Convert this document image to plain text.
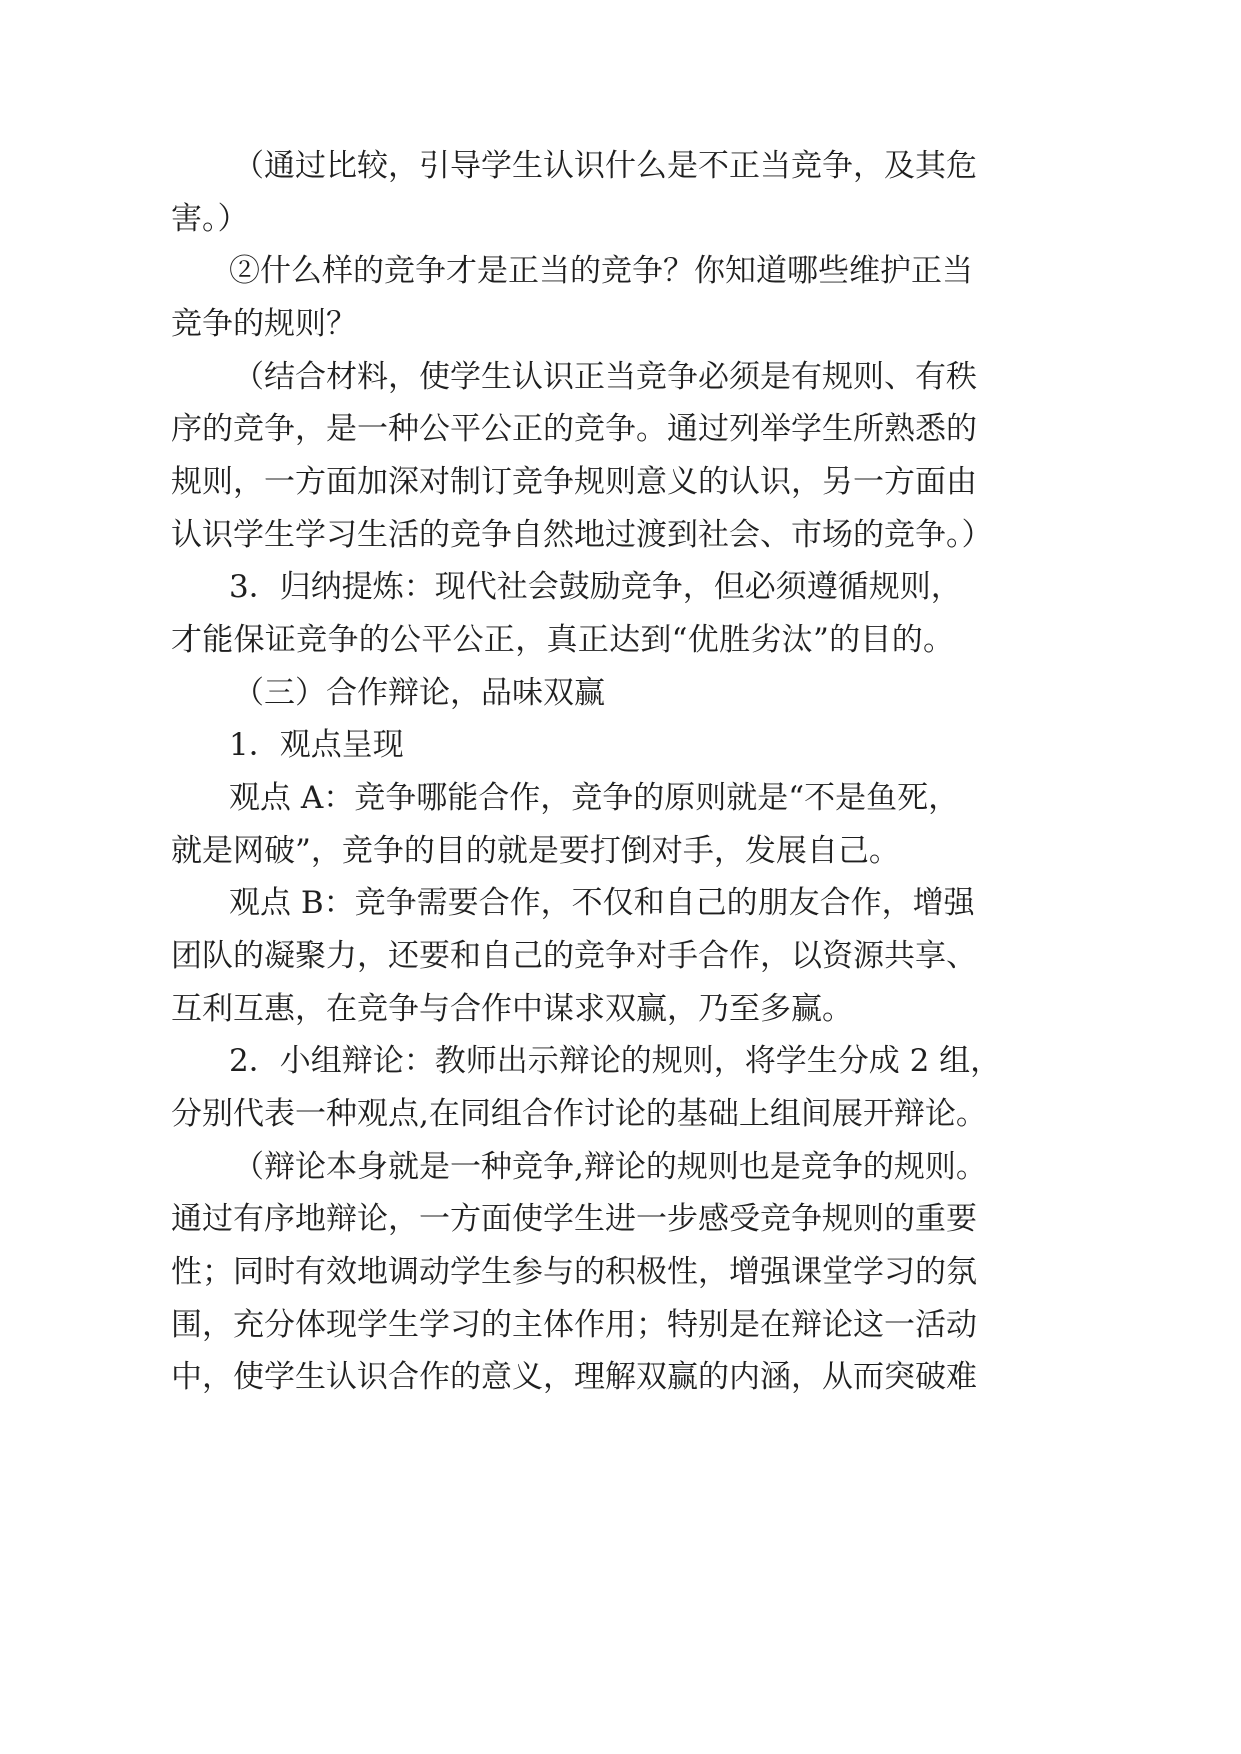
（通过比较，引导学生认识什么是不正当竞争，及其危
害。）
②什么样的竞争才是正当的竞争？你知道哪些维护正当
竞争的规则？
（结合材料，使学生认识正当竞争必须是有规则、有秩
序的竞争，是一种公平公正的竞争。通过列举学生所熟悉的
规则，一方面加深对制订竞争规则意义的认识，另一方面由
认识学生学习生活的竞争自然地过渡到社会、市场的竞争。）
3．归纳提炼：现代社会鼓励竞争，但必须遵循规则，
才能保证竞争的公平公正，真正达到“优胜劣汰”的目的。
（三）合作辩论，品味双赢
1．观点呈现
观点 A：竞争哪能合作，竞争的原则就是“不是鱼死，
就是网破”，竞争的目的就是要打倒对手，发展自己。
观点 B：竞争需要合作，不仅和自己的朋友合作，增强
团队的凝聚力，还要和自己的竞争对手合作，以资源共享、
互利互惠，在竞争与合作中谋求双赢，乃至多赢。
2．小组辩论：教师出示辩论的规则，将学生分成 2 组，
分别代表一种观点,在同组合作讨论的基础上组间展开辩论。
（辩论本身就是一种竞争,辩论的规则也是竞争的规则。
通过有序地辩论，一方面使学生进一步感受竞争规则的重要
性；同时有效地调动学生参与的积极性，增强课堂学习的氛
围，充分体现学生学习的主体作用；特别是在辩论这一活动
中，使学生认识合作的意义，理解双赢的内涵，从而突破难
